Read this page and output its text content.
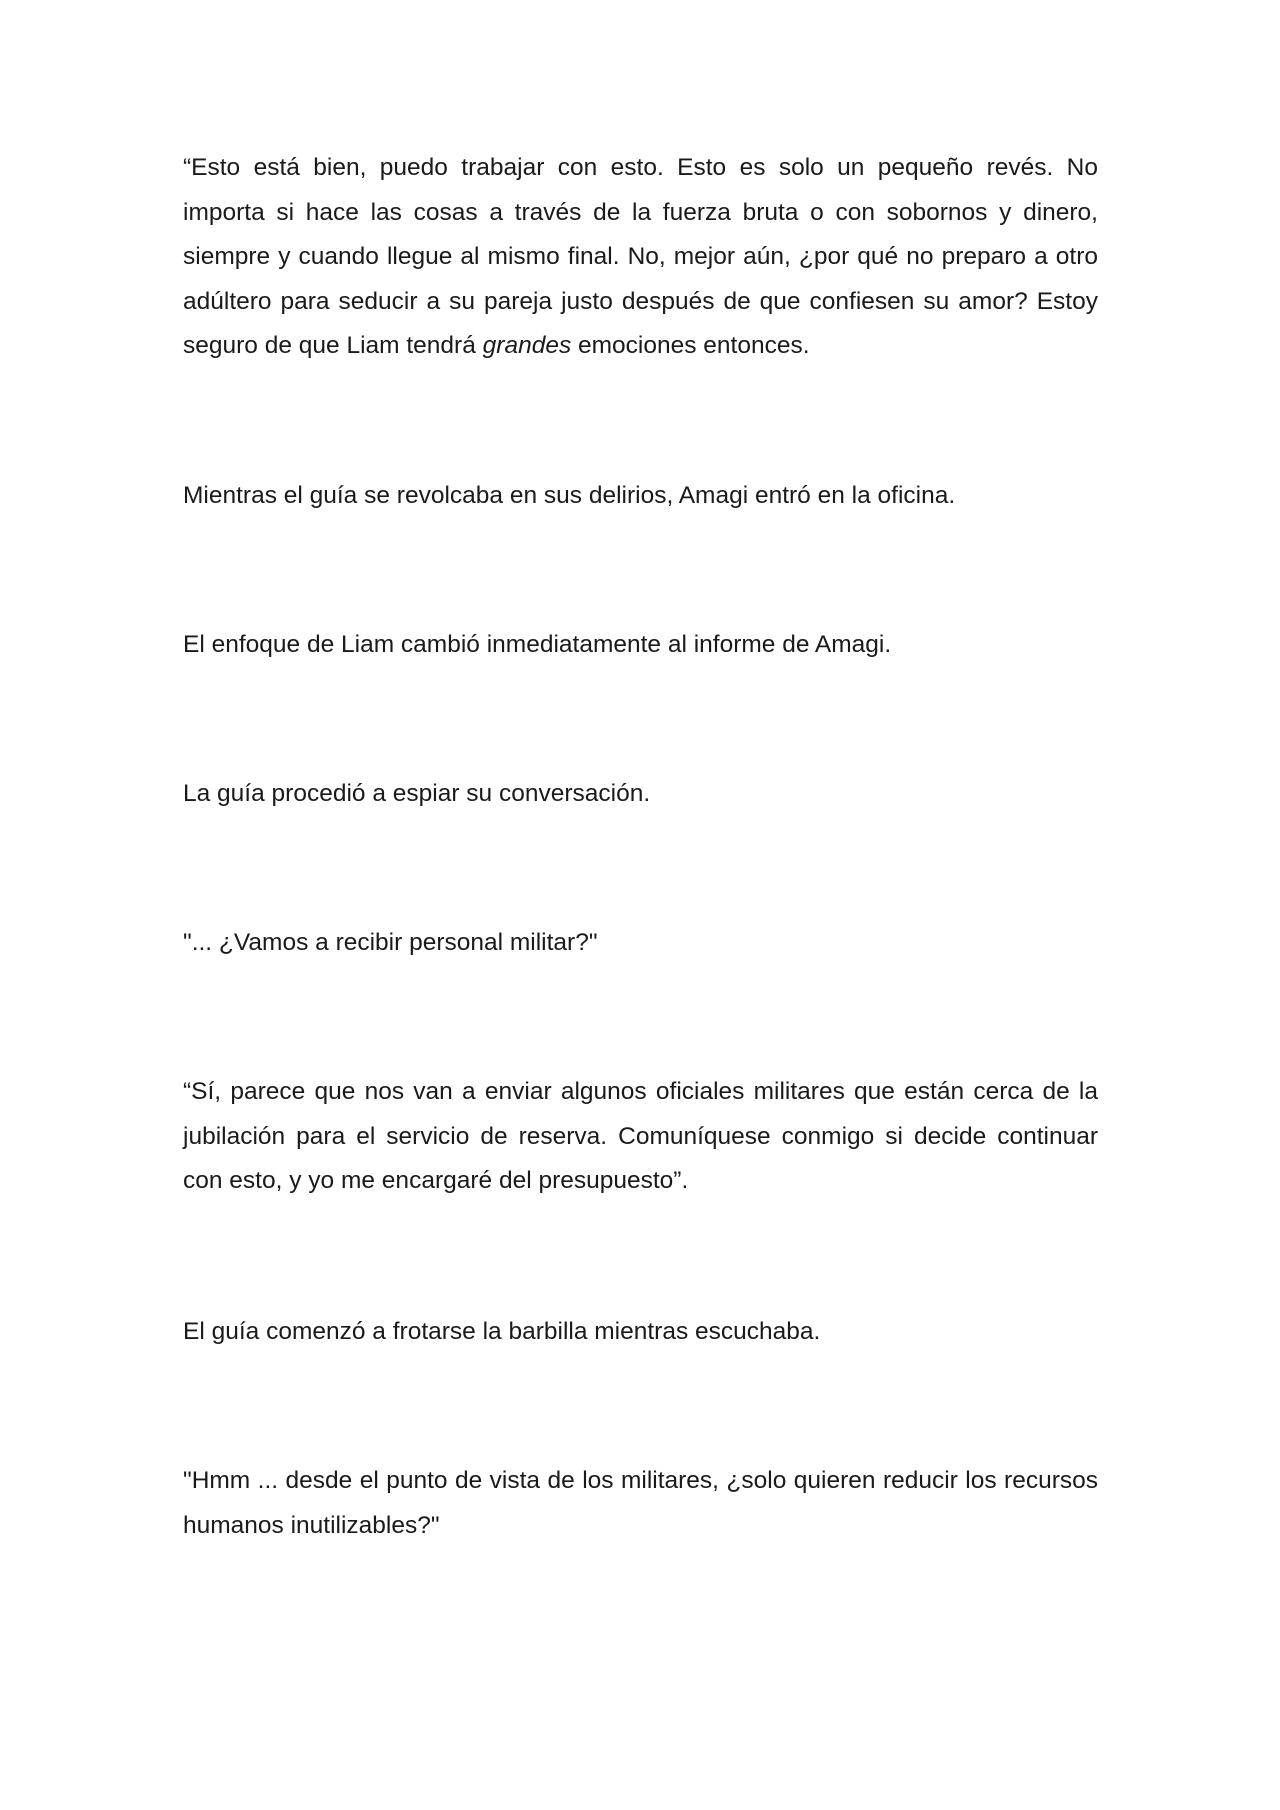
“Esto está bien, puedo trabajar con esto. Esto es solo un pequeño revés. No importa si hace las cosas a través de la fuerza bruta o con sobornos y dinero, siempre y cuando llegue al mismo final. No, mejor aún, ¿por qué no preparo a otro adúltero para seducir a su pareja justo después de que confiesen su amor? Estoy seguro de que Liam tendrá grandes emociones entonces.

Mientras el guía se revolcaba en sus delirios, Amagi entró en la oficina.

El enfoque de Liam cambió inmediatamente al informe de Amagi.

La guía procedió a espiar su conversación.

"... ¿Vamos a recibir personal militar?"

“Sí, parece que nos van a enviar algunos oficiales militares que están cerca de la jubilación para el servicio de reserva. Comuníquese conmigo si decide continuar con esto, y yo me encargaré del presupuesto”.

El guía comenzó a frotarse la barbilla mientras escuchaba.

"Hmm ... desde el punto de vista de los militares, ¿solo quieren reducir los recursos humanos inutilizables?"
